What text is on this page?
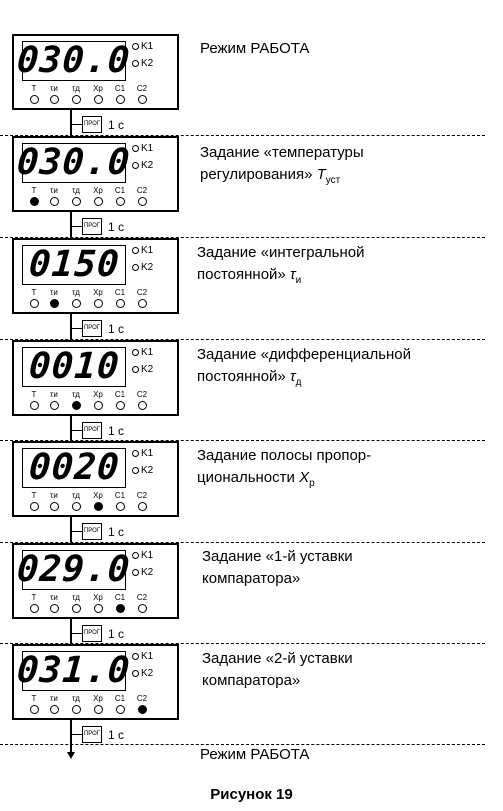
030.0 K1
K2
T	τи	τд	Xp	C1	C2
Режим РАБОТА
ПРОГ 1 с
030.0 K1
K2
T	τи	τд	Xp	C1	C2
Задание «температуры
регулирования» $T_{уст}$
ПРОГ 1 с
0150 K1
K2
T	τи	τд	Xp	C1	C2
Задание «интегральной
постоянной» $\tau_и$
ПРОГ 1 с
0010 K1
K2
T	τи	τд	Xp	C1	C2
Задание «дифференциальной
постоянной» $\tau_д$
ПРОГ 1 с
0020 K1
K2
T	τи	τд	Xp	C1	C2
Задание полосы пропор-
циональности $X_р$
ПРОГ 1 с
029.0 K1
K2
T	τи	τд	Xp	C1	C2
Задание «1-й уставки
компаратора»
ПРОГ 1 с
031.0 K1
K2
T	τи	τд	Xp	C1	C2
Задание «2-й уставки
компаратора»
ПРОГ 1 с
Режим РАБОТА
Рисунок 19
